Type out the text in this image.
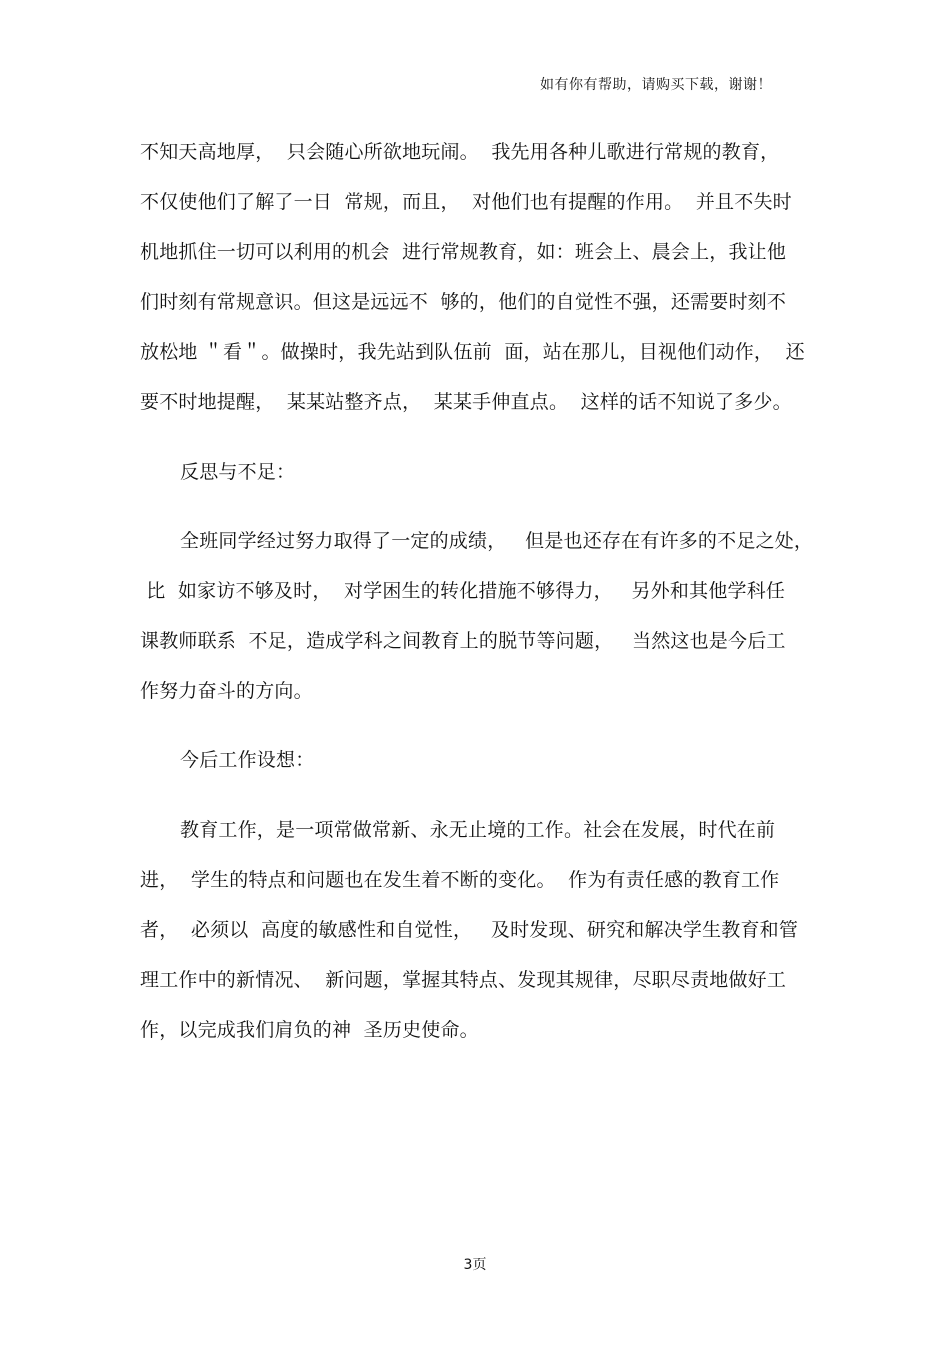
如有你有帮助，请购买下载，谢谢！
不知天高地厚，  只会随心所欲地玩闹。  我先用各种儿歌进行常规的教育，
不仅使他们了解了一日  常规，而且，  对他们也有提醒的作用。  并且不失时
机地抓住一切可以利用的机会  进行常规教育，如：班会上、晨会上，我让他
们时刻有常规意识。但这是远远不  够的，他们的自觉性不强，还需要时刻不
放松地 ＂看＂。做操时，我先站到队伍前  面，站在那儿，目视他们动作，  还
要不时地提醒，  某某站整齐点，  某某手伸直点。  这样的话不知说了多少。
反思与不足：
全班同学经过努力取得了一定的成绩，   但是也还存在有许多的不足之处，
比  如家访不够及时，  对学困生的转化措施不够得力，   另外和其他学科任
课教师联系  不足，造成学科之间教育上的脱节等问题，   当然这也是今后工
作努力奋斗的方向。
今后工作设想：
教育工作，是一项常做常新、永无止境的工作。社会在发展，时代在前
进，  学生的特点和问题也在发生着不断的变化。  作为有责任感的教育工作
者，  必须以  高度的敏感性和自觉性，   及时发现、研究和解决学生教育和管
理工作中的新情况、  新问题，掌握其特点、发现其规律，尽职尽责地做好工
作，以完成我们肩负的神  圣历史使命。
3页
